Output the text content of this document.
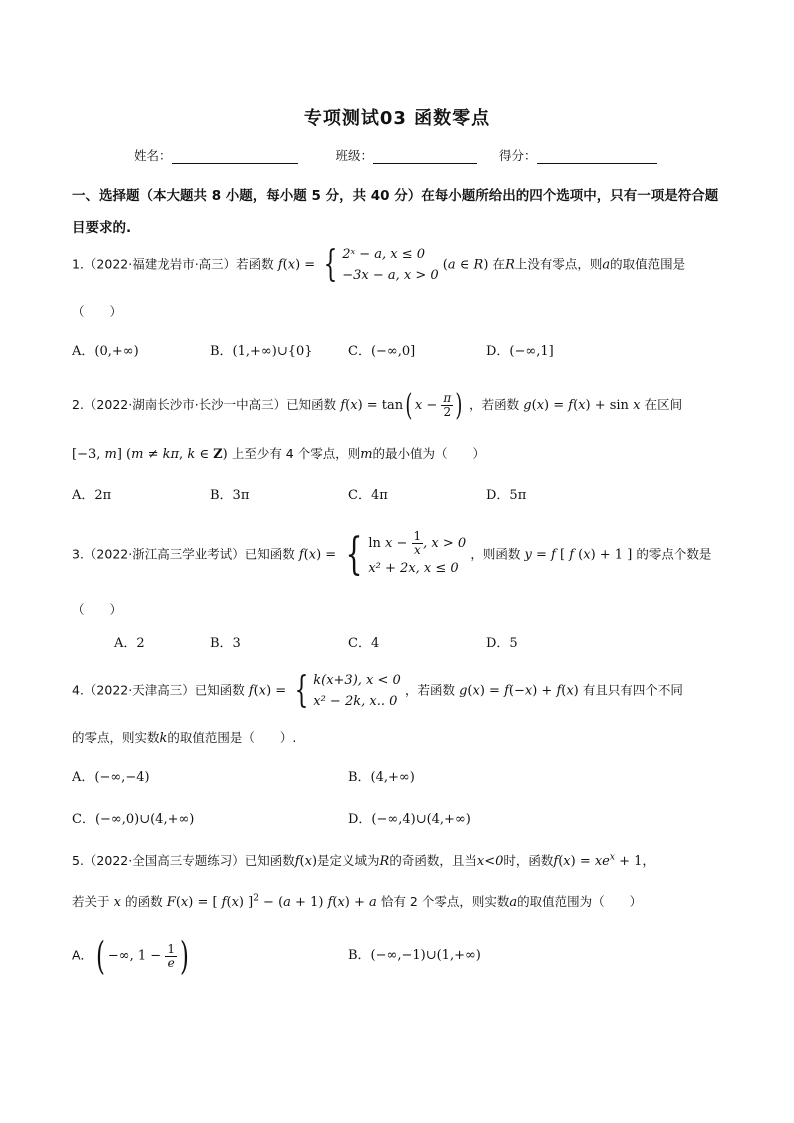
专项测试03 函数零点
姓名：	班级：	得分：
一、选择题（本大题共 8 小题，每小题 5 分，共 40 分）在每小题所给出的四个选项中，只有一项是符合题目要求的.
1.（2022·福建龙岩市·高三）若函数 f(x) = { 2ˣ − a, x ≤ 0
−3x − a, x > 0
(a ∈ R) 在R上没有零点，则a的取值范围是
（　　）
A．(0,+∞)	B．(1,+∞)∪{0}	C．(−∞,0]	D．(−∞,1]
2.（2022·湖南长沙市·长沙一中高三）已知函数 f(x) = tan( $x - \frac{\pi}{2}$ ) ，若函数 g(x) = f(x) + sin x 在区间
[−3, m] (m ≠ kπ, k ∈ Z) 上至少有 4 个零点，则m的最小值为（　　）
A．2π	B．3π	C．4π	D．5π
3.（2022·浙江高三学业考试）已知函数 f(x) = { $\ln x - \frac{1}{x}$ , x > 0
x² + 2x, x ≤ 0
，则函数 y = f [ f (x) + 1 ] 的零点个数是
（　　）
A．2	B．3	C．4	D．5
4.（2022·天津高三）已知函数 f(x) = { k(x+3), x < 0
x² − 2k, x.. 0
，若函数 g(x) = f(−x) + f(x) 有且只有四个不同
的零点，则实数k的取值范围是（　　）.
A．(−∞,−4)	B．(4,+∞)
C．(−∞,0)∪(4,+∞)	D．(−∞,4)∪(4,+∞)
5.（2022·全国高三专题练习）已知函数f(x)是定义域为R的奇函数，且当x<0时，函数$f(x) = xe^x + 1$，
若关于 x 的函数 F(x) = [ f(x) ]$^2$ − (a + 1) f(x) + a 恰有 2 个零点，则实数a的取值范围为（　　）
A．( −∞, $1 - \frac{1}{e}$ )	B．(−∞,−1)∪(1,+∞)
